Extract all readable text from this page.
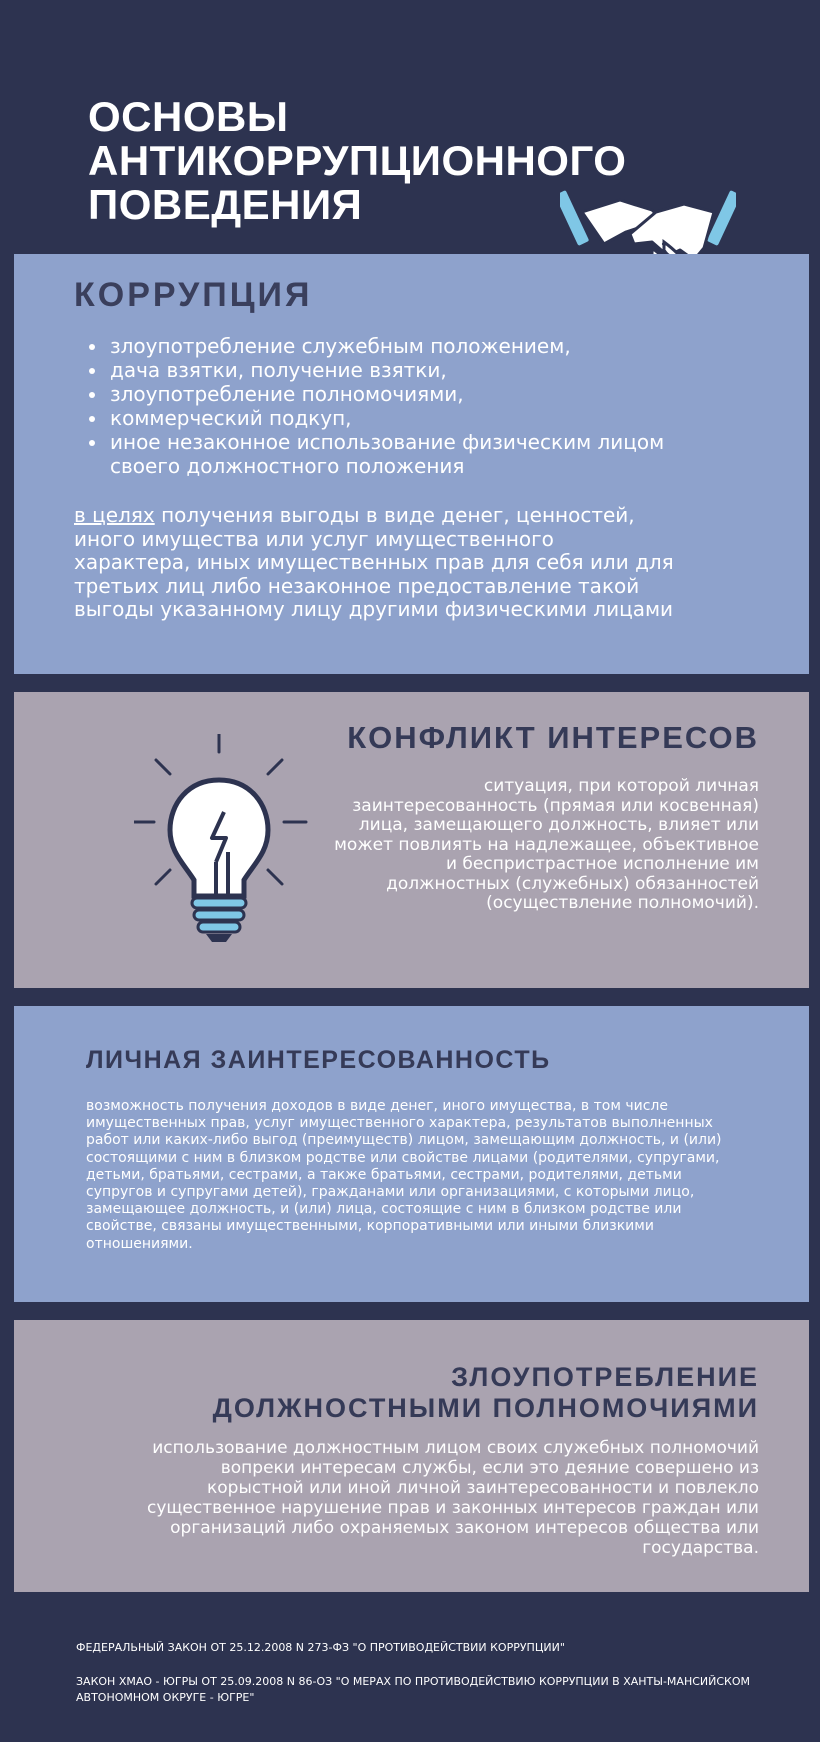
ОСНОВЫ
АНТИКОРРУПЦИОННОГО
ПОВЕДЕНИЯ
КОРРУПЦИЯ
• злоупотребление служебным положением,
• дача взятки, получение взятки,
• злоупотребление полномочиями,
• коммерческий подкуп,
• иное незаконное использование физическим лицом своего должностного положения

в целях получения выгоды в виде денег, ценностей, иного имущества или услуг имущественного характера, иных имущественных прав для себя или для третьих лиц либо незаконное предоставление такой выгоды указанному лицу другими физическими лицами

КОНФЛИКТ ИНТЕРЕСОВ

ситуация, при которой личная заинтересованность (прямая или косвенная) лица, замещающего должность, влияет или может повлиять на надлежащее, объективное и беспристрастное исполнение им должностных (служебных) обязанностей (осуществление полномочий).

ЛИЧНАЯ ЗАИНТЕРЕСОВАННОСТЬ

возможность получения доходов в виде денег, иного имущества, в том числе имущественных прав, услуг имущественного характера, результатов выполненных работ или каких-либо выгод (преимуществ) лицом, замещающим должность, и (или) состоящими с ним в близком родстве или свойстве лицами (родителями, супругами, детьми, братьями, сестрами, а также братьями, сестрами, родителями, детьми супругов и супругами детей), гражданами или организациями, с которыми лицо, замещающее должность, и (или) лица, состоящие с ним в близком родстве или свойстве, связаны имущественными, корпоративными или иными близкими отношениями.

ЗЛОУПОТРЕБЛЕНИЕ
ДОЛЖНОСТНЫМИ ПОЛНОМОЧИЯМИ

использование должностным лицом своих служебных полномочий вопреки интересам службы, если это деяние совершено из корыстной или иной личной заинтересованности и повлекло существенное нарушение прав и законных интересов граждан или организаций либо охраняемых законом интересов общества или государства.

ФЕДЕРАЛЬНЫЙ ЗАКОН ОТ 25.12.2008 N 273-ФЗ "О ПРОТИВОДЕЙСТВИИ КОРРУПЦИИ"

ЗАКОН ХМАО - ЮГРЫ ОТ 25.09.2008 N 86-ОЗ "О МЕРАХ ПО ПРОТИВОДЕЙСТВИЮ КОРРУПЦИИ В ХАНТЫ-МАНСИЙСКОМ АВТОНОМНОМ ОКРУГЕ - ЮГРЕ"
